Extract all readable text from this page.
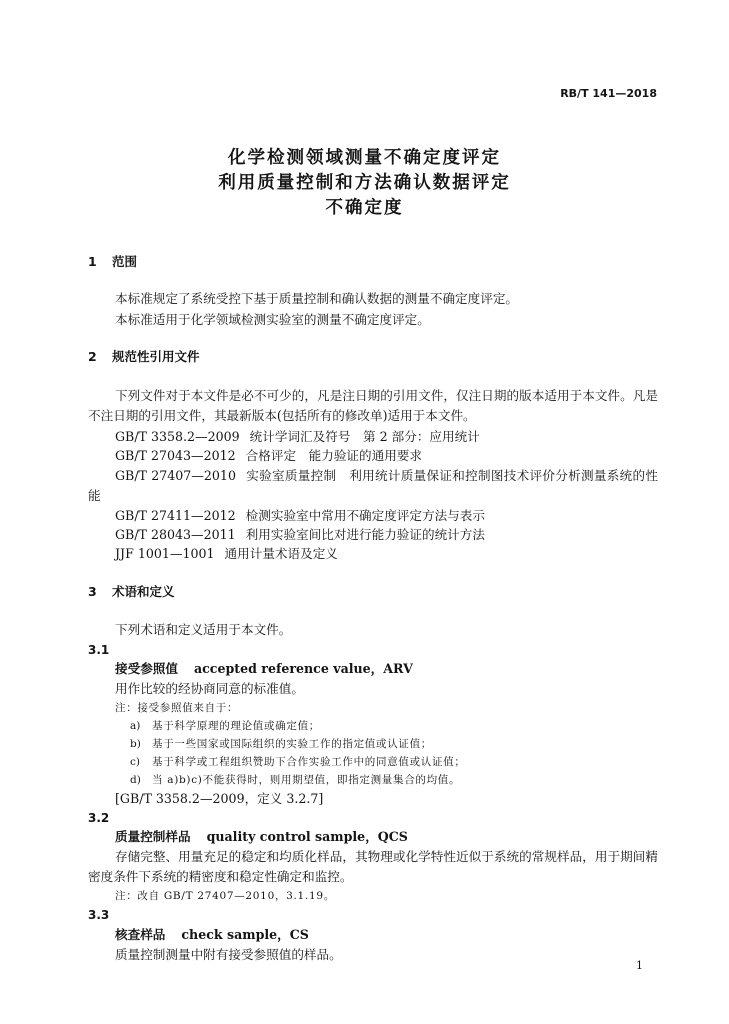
RB/T 141—2018
化学检测领域测量不确定度评定
利用质量控制和方法确认数据评定
不确定度
1 范围

本标准规定了系统受控下基于质量控制和确认数据的测量不确定度评定。

本标准适用于化学领域检测实验室的测量不确定度评定。

2 规范性引用文件

下列文件对于本文件是必不可少的，凡是注日期的引用文件，仅注日期的版本适用于本文件。凡是不注日期的引用文件，其最新版本(包括所有的修改单)适用于本文件。

GB/T 3358.2—2009 统计学词汇及符号　第 2 部分：应用统计

GB/T 27043—2012 合格评定　能力验证的通用要求

GB/T 27407—2010 实验室质量控制　利用统计质量保证和控制图技术评价分析测量系统的性能

GB/T 27411—2012 检测实验室中常用不确定度评定方法与表示

GB/T 28043—2011 利用实验室间比对进行能力验证的统计方法

JJF 1001—1001 通用计量术语及定义

3 术语和定义

下列术语和定义适用于本文件。

3.1
接受参照值 accepted reference value，ARV

用作比较的经协商同意的标准值。

注：接受参照值来自于：
a) 基于科学原理的理论值或确定值；
b) 基于一些国家或国际组织的实验工作的指定值或认证值；
c) 基于科学或工程组织赞助下合作实验工作中的同意值或认证值；
d) 当 a)b)c)不能获得时，则用期望值，即指定测量集合的均值。
[GB/T 3358.2—2009，定义 3.2.7]
3.2
质量控制样品 quality control sample，QCS

存储完整、用量充足的稳定和均质化样品，其物理或化学特性近似于系统的常规样品，用于期间精密度条件下系统的精密度和稳定性确定和监控。

注：改自 GB/T 27407—2010，3.1.19。
3.3
核查样品 check sample，CS

质量控制测量中附有接受参照值的样品。

1
